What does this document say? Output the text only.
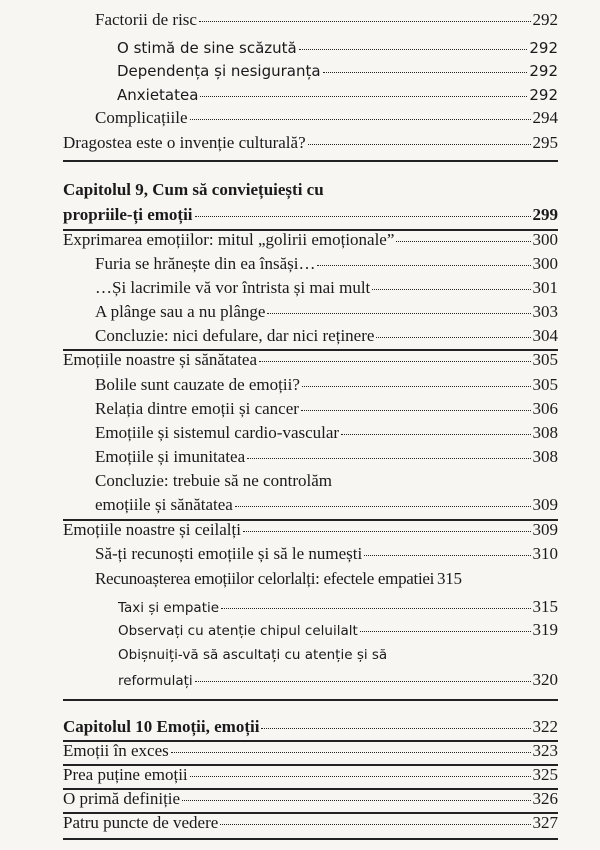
Factorii de risc	292
O stimă de sine scăzută	292
Dependența și nesiguranța	292
Anxietatea	292
Complicațiile	294
Dragostea este o invenție culturală?	295
Capitolul 9, Cum să conviețuiești cu
propriile-ți emoții	299
Exprimarea emoțiilor: mitul „golirii emoționale”	300
Furia se hrănește din ea însăși…	300
…Și lacrimile vă vor întrista și mai mult	301
A plânge sau a nu plânge	303
Concluzie: nici defulare, dar nici reținere	304
Emoțiile noastre și sănătatea	305
Bolile sunt cauzate de emoții?	305
Relația dintre emoții și cancer	306
Emoțiile și sistemul cardio-vascular	308
Emoțiile și imunitatea	308
Concluzie: trebuie să ne controlăm
emoțiile și sănătatea	309
Emoțiile noastre și ceilalți	309
Să-ți recunoști emoțiile și să le numești	310
Recunoașterea emoțiilor celorlalți: efectele empatiei 315
Taxi și empatie	315
Observați cu atenție chipul celuilalt	319
Obișnuiți-vă să ascultați cu atenție și să
reformulați	320
Capitolul 10 Emoții, emoții	322
Emoții în exces	323
Prea puține emoții	325
O primă definiție	326
Patru puncte de vedere	327
